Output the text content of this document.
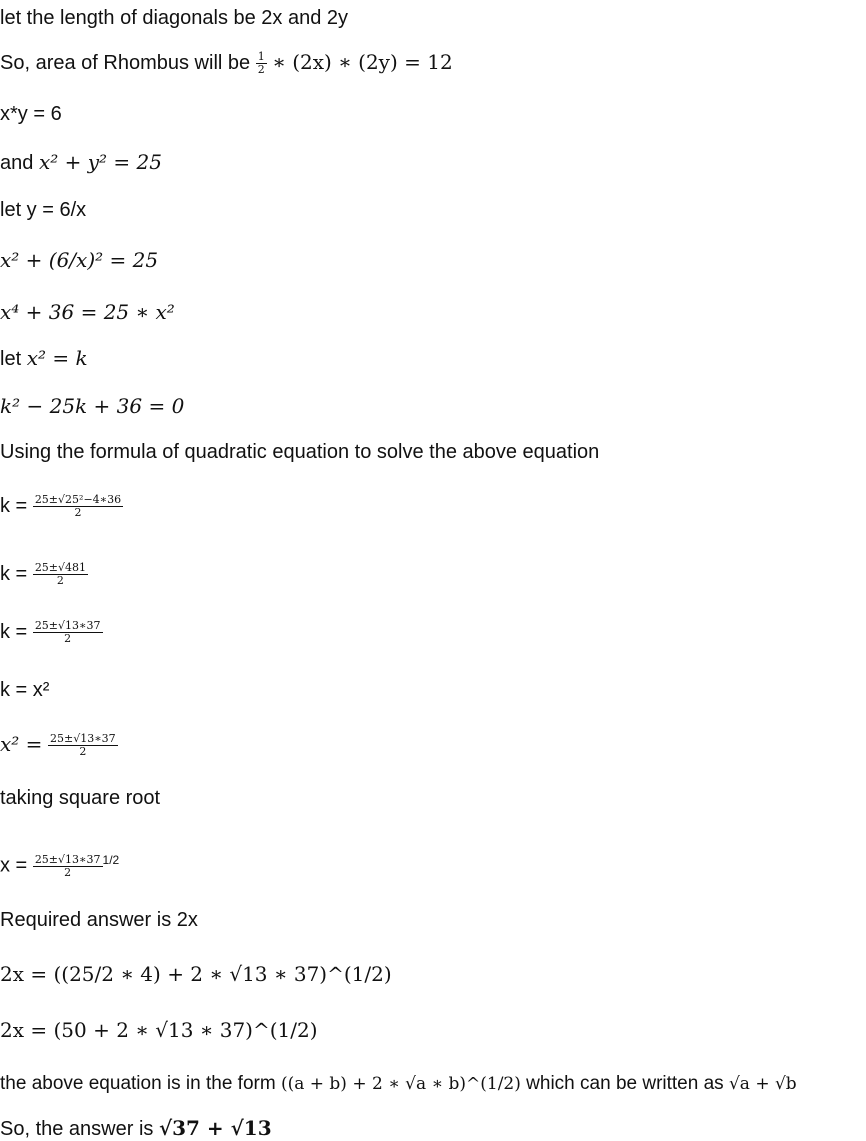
let the length of diagonals be 2x and 2y
So, area of Rhombus will be $\frac{1}{2}$ ∗ (2x) ∗ (2y) = 12
x*y = 6
and x² + y² = 25
let y = 6/x
x² + (6/x)² = 25
x⁴ + 36 = 25 ∗ x²
let x² = k
k² − 25k + 36 = 0
Using the formula of quadratic equation to solve the above equation
$k = \frac{\text{25±√25²−4∗36}}{2}$
$k = \frac{25\pm√481}{2}$
$k = \frac{25\pm√13∗37}{2}$
k = x²
$x^2 = \frac{25\pm√13∗37}{2}$
taking square root
$x = \frac{25\pm√13∗37}{2} ^{1/2}$
Required answer is 2x
2x = ((25/2 ∗ 4) + 2 ∗ √13 ∗ 37)^(1/2)
2x = (50 + 2 ∗ √13 ∗ 37)^(1/2)
the above equation is in the form ((a + b) + 2 ∗ √a ∗ b)^(1/2) which can be written as √a + √b
So, the answer is √37 + √13
